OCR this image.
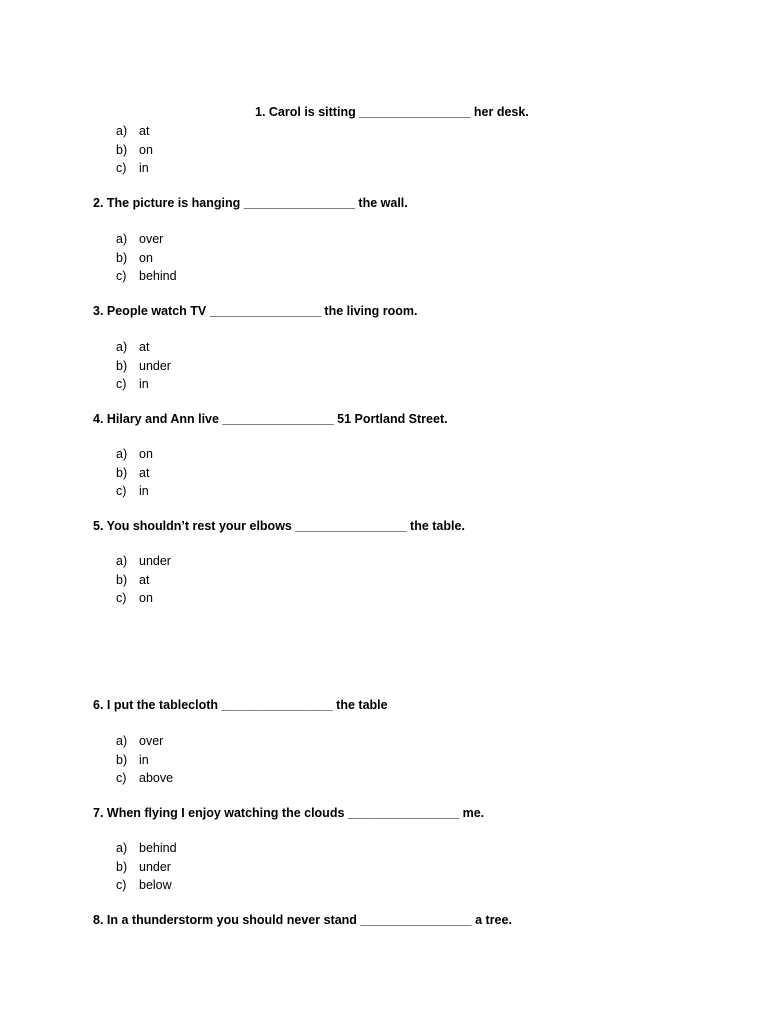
1. Carol is sitting ________________ her desk.
a) at
b) on
c) in
2. The picture is hanging ________________ the wall.
a) over
b) on
c) behind
3. People watch TV ________________ the living room.
a) at
b) under
c) in
4. Hilary and Ann live ________________ 51 Portland Street.
a) on
b) at
c) in
5. You shouldn’t rest your elbows ________________ the table.
a) under
b) at
c) on
6. I put the tablecloth ________________ the table
a) over
b) in
c) above
7. When flying I enjoy watching the clouds ________________ me.
a) behind
b) under
c) below
8. In a thunderstorm you should never stand ________________ a tree.
